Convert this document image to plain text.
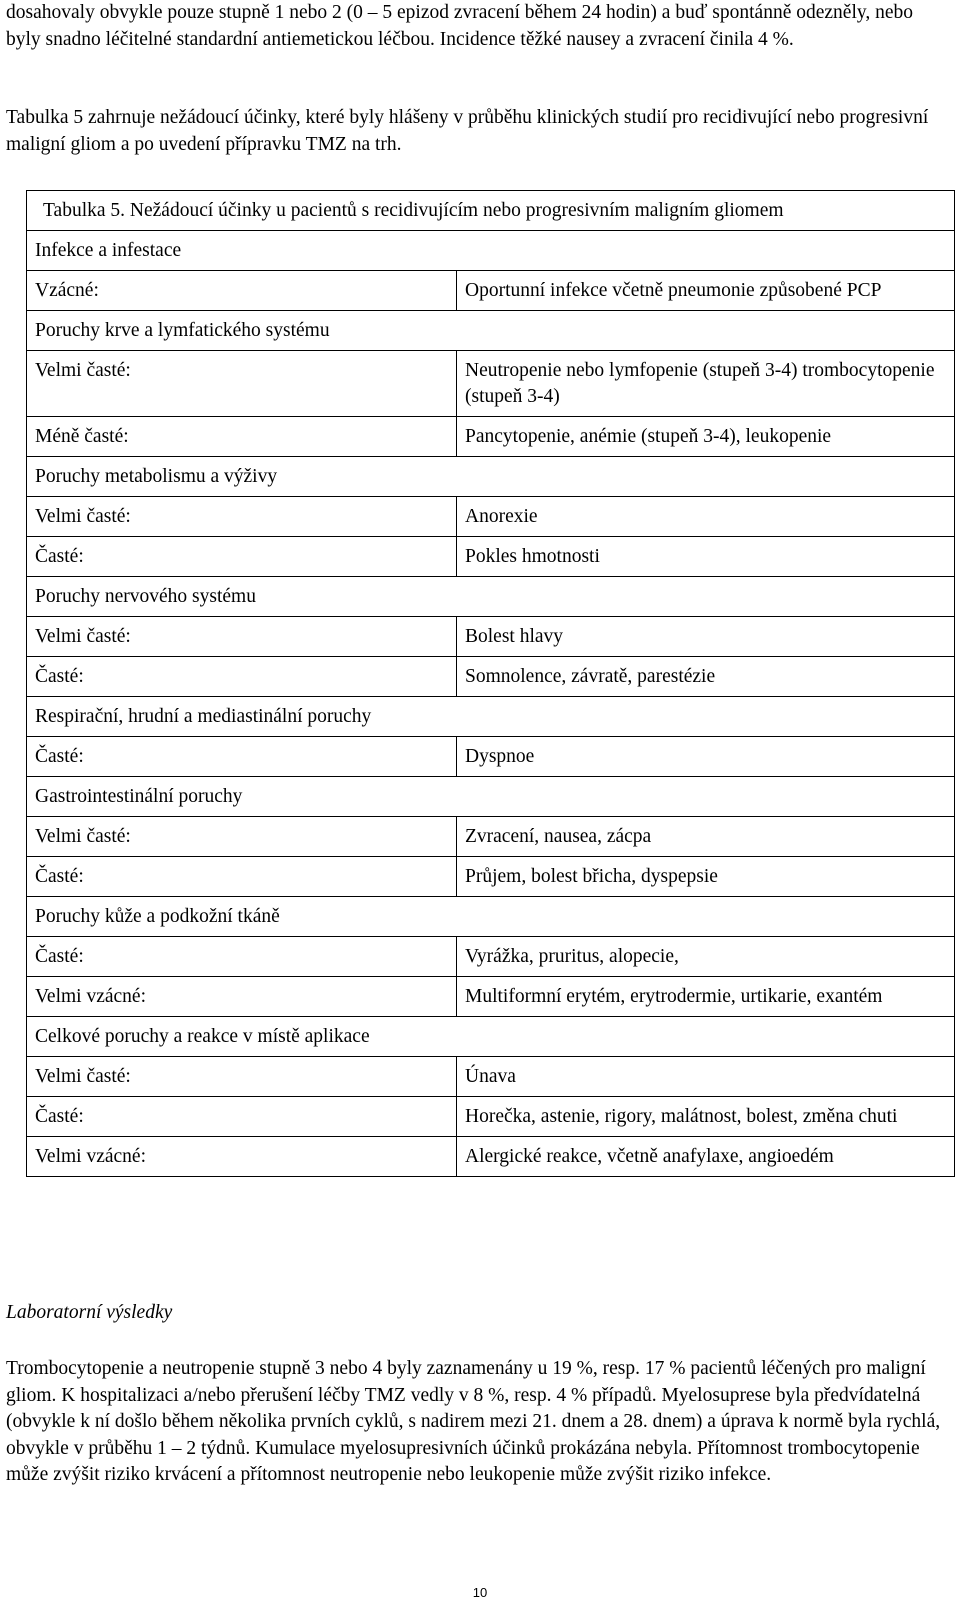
dosahovaly obvykle pouze stupně 1 nebo 2 (0 – 5 epizod zvracení během 24 hodin) a buď spontánně odezněly, nebo byly snadno léčitelné standardní antiemetickou léčbou. Incidence těžké nausey a zvracení činila 4 %.

Tabulka 5 zahrnuje nežádoucí účinky, které byly hlášeny v průběhu klinických studií pro recidivující nebo progresivní maligní gliom a po uvedení přípravku TMZ na trh.

Tabulka 5. Nežádoucí účinky u pacientů s recidivujícím nebo progresivním maligním gliomem	
Infekce a infestace	
Vzácné:	Oportunní infekce včetně pneumonie způsobené PCP
Poruchy krve a lymfatického systému	
Velmi časté:	Neutropenie nebo lymfopenie (stupeň 3-4) trombocytopenie (stupeň 3-4)
Méně časté:	Pancytopenie, anémie (stupeň 3-4), leukopenie
Poruchy metabolismu a výživy	
Velmi časté:	Anorexie
Časté:	Pokles hmotnosti
Poruchy nervového systému	
Velmi časté:	Bolest hlavy
Časté:	Somnolence, závratě, parestézie
Respirační, hrudní a mediastinální poruchy	
Časté:	Dyspnoe
Gastrointestinální poruchy	
Velmi časté:	Zvracení, nausea, zácpa
Časté:	Průjem, bolest břicha, dyspepsie
Poruchy kůže a podkožní tkáně	
Časté:	Vyrážka, pruritus, alopecie,
Velmi vzácné:	Multiformní erytém, erytrodermie, urtikarie, exantém
Celkové poruchy a reakce v místě aplikace	
Velmi časté:	Únava
Časté:	Horečka, astenie, rigory, malátnost, bolest, změna chuti
Velmi vzácné:	Alergické reakce, včetně anafylaxe, angioedém

Laboratorní výsledky

Trombocytopenie a neutropenie stupně 3 nebo 4 byly zaznamenány u 19 %, resp. 17 % pacientů léčených pro maligní gliom. K hospitalizaci a/nebo přerušení léčby TMZ vedly v 8 %, resp. 4 % případů. Myelosuprese byla předvídatelná (obvykle k ní došlo během několika prvních cyklů, s nadirem mezi 21. dnem a 28. dnem) a úprava k normě byla rychlá, obvykle v průběhu 1 – 2 týdnů. Kumulace myelosupresivních účinků prokázána nebyla. Přítomnost trombocytopenie může zvýšit riziko krvácení a přítomnost neutropenie nebo leukopenie může zvýšit riziko infekce.

10
